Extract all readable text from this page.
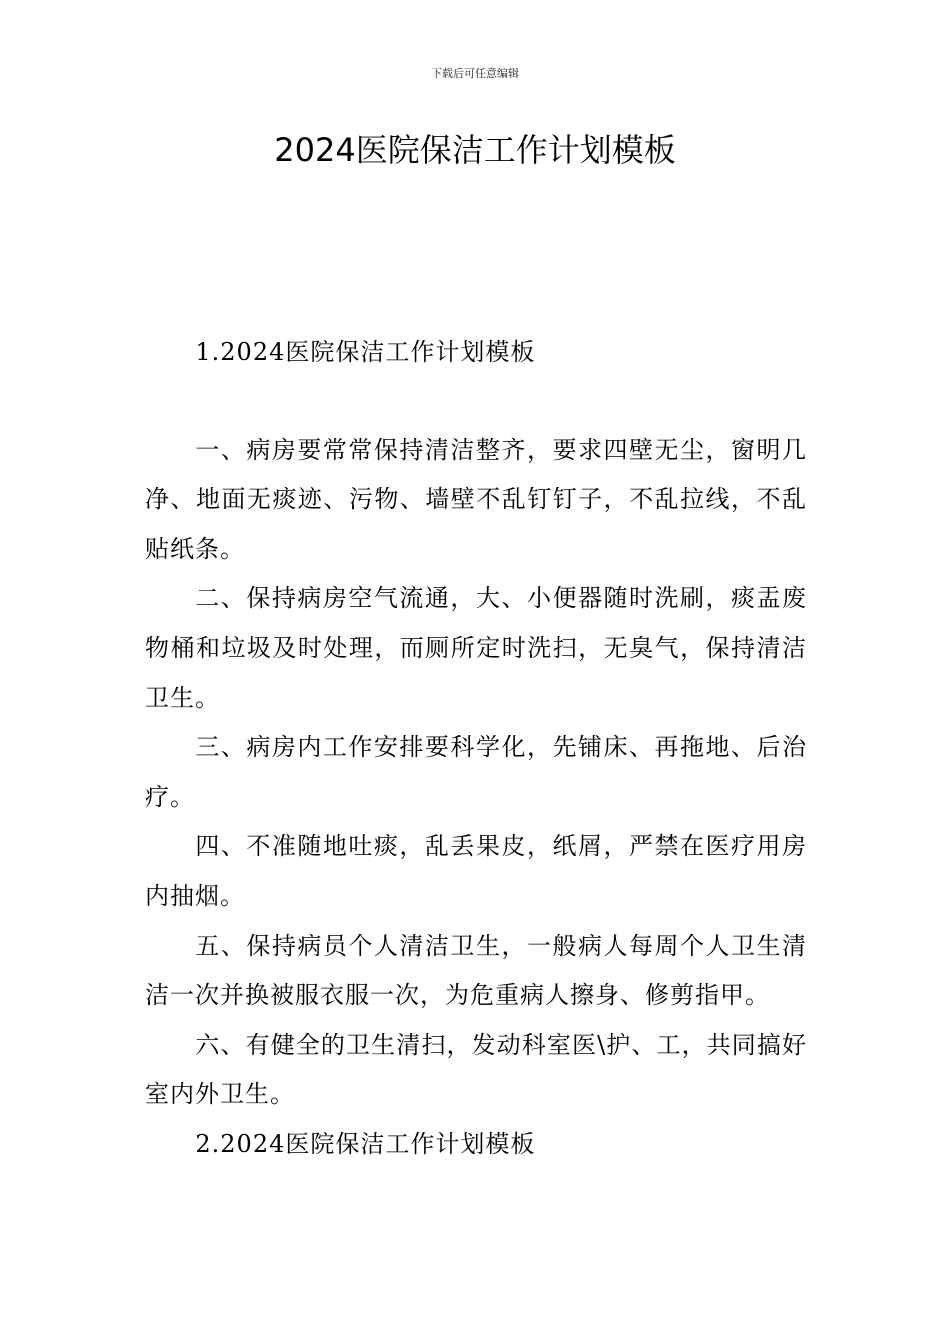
下载后可任意编辑
2024医院保洁工作计划模板

1.2024医院保洁工作计划模板

一、病房要常常保持清洁整齐，要求四壁无尘，窗明几净、地面无痰迹、污物、墙壁不乱钉钉子，不乱拉线，不乱贴纸条。

二、保持病房空气流通，大、小便器随时洗刷，痰盂废物桶和垃圾及时处理，而厕所定时洗扫，无臭气，保持清洁卫生。

三、病房内工作安排要科学化，先铺床、再拖地、后治疗。

四、不准随地吐痰，乱丢果皮，纸屑，严禁在医疗用房内抽烟。

五、保持病员个人清洁卫生，一般病人每周个人卫生清洁一次并换被服衣服一次，为危重病人擦身、修剪指甲。

六、有健全的卫生清扫，发动科室医\护、工，共同搞好室内外卫生。

2.2024医院保洁工作计划模板
